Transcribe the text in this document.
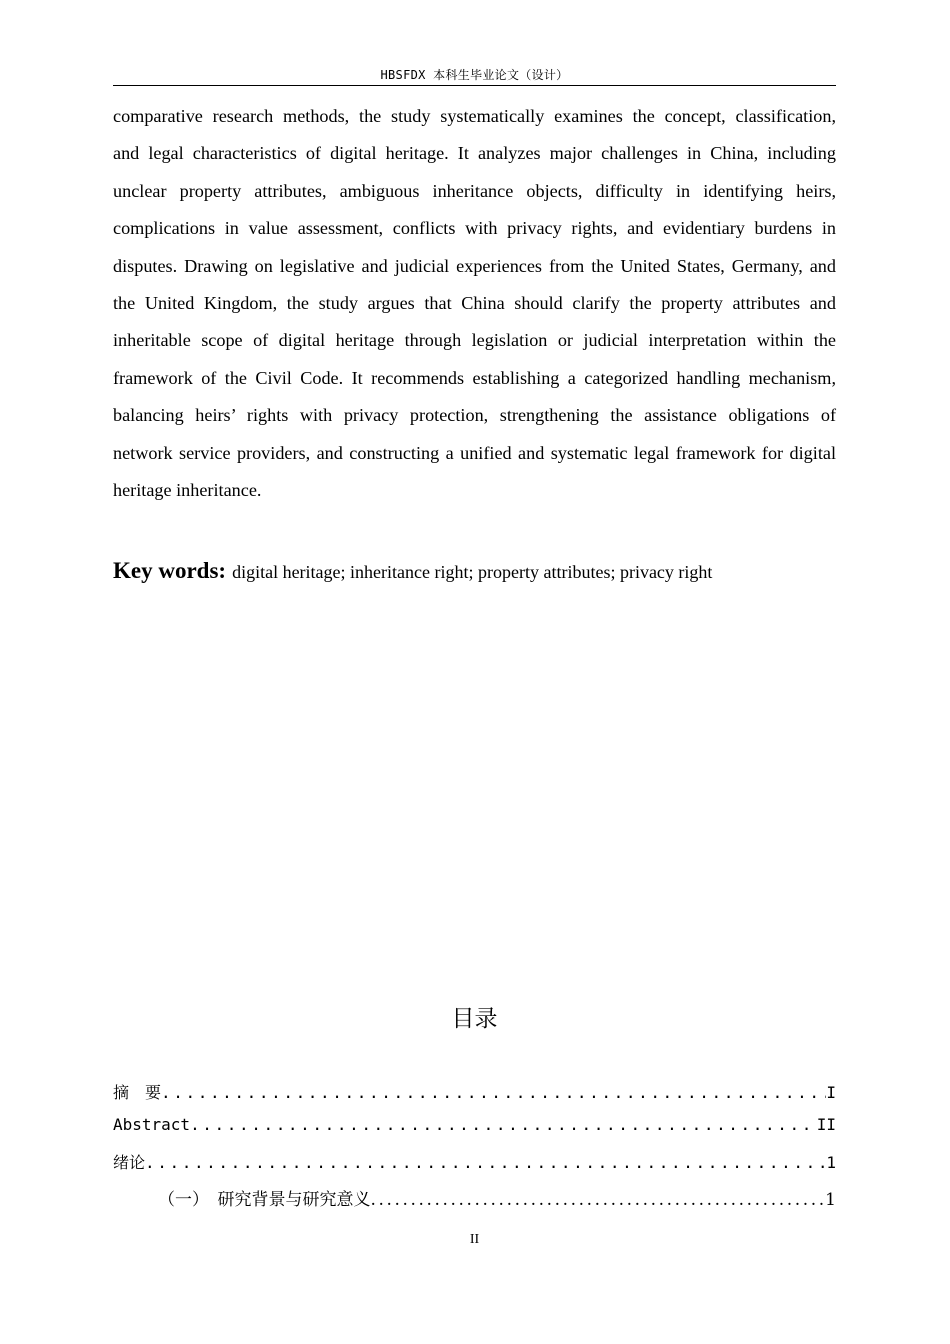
HBSFDX 本科生毕业论文（设计）
comparative research methods, the study systematically examines the concept, classification,
and legal characteristics of digital heritage. It analyzes major challenges in China, including
unclear property attributes, ambiguous inheritance objects, difficulty in identifying heirs,
complications in value assessment, conflicts with privacy rights, and evidentiary burdens in
disputes. Drawing on legislative and judicial experiences from the United States, Germany, and
the United Kingdom, the study argues that China should clarify the property attributes and
inheritable scope of digital heritage through legislation or judicial interpretation within the
framework of the Civil Code. It recommends establishing a categorized handling mechanism,
balancing heirs’ rights with privacy protection, strengthening the assistance obligations of
network service providers, and constructing a unified and systematic legal framework for digital
heritage inheritance.
Key words: digital heritage; inheritance right; property attributes; privacy right
目录
摘　要 .....	I
Abstract .....	II
绪论 .....	1
（一）　研究背景与研究意义 .....	1
II
